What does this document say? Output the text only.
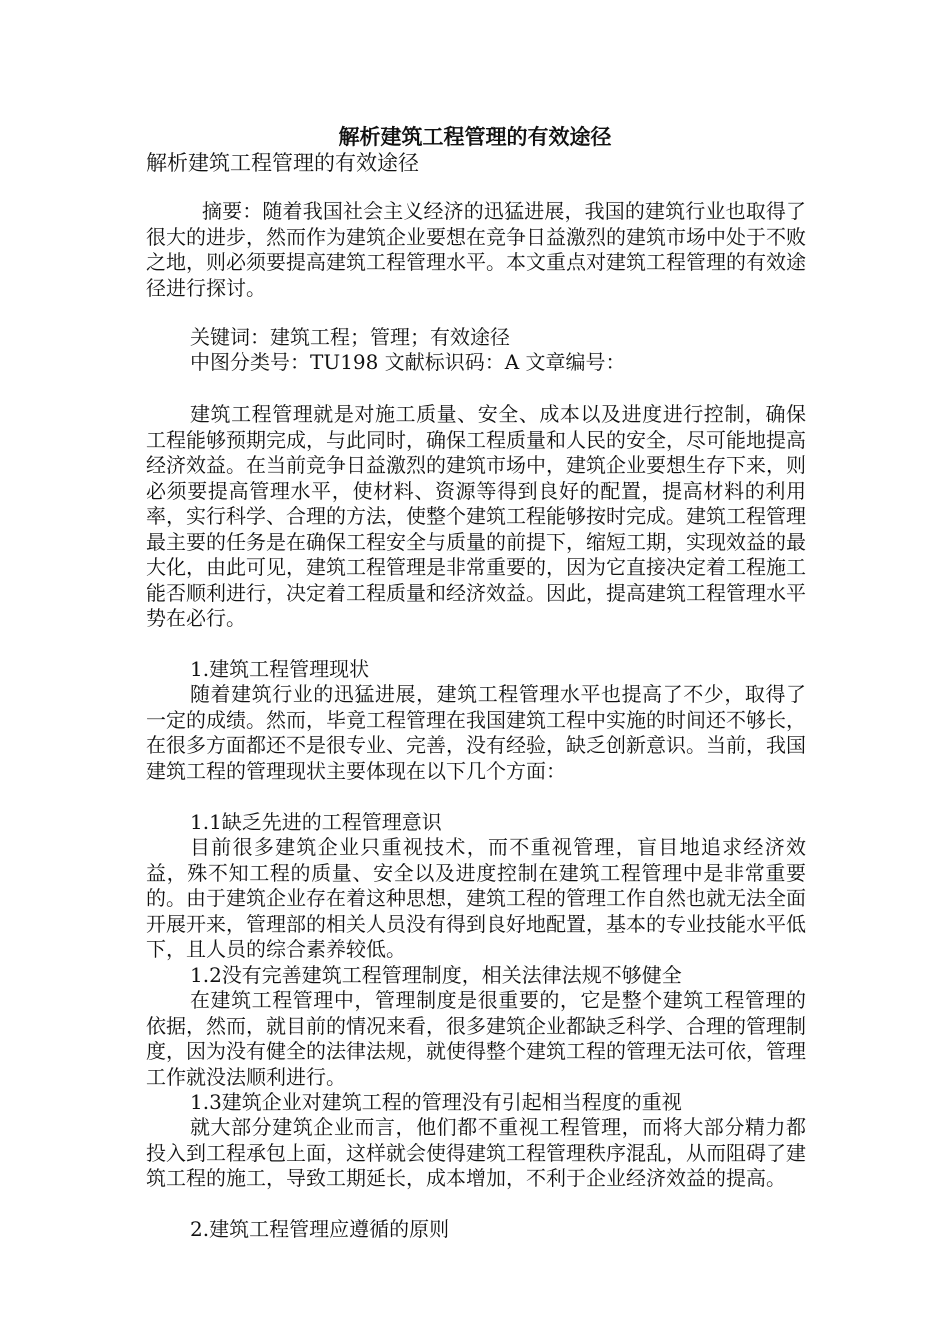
解析建筑工程管理的有效途径
解析建筑工程管理的有效途径

摘要：随着我国社会主义经济的迅猛进展，我国的建筑行业也取得了很大的进步，然而作为建筑企业要想在竞争日益激烈的建筑市场中处于不败之地，则必须要提高建筑工程管理水平。本文重点对建筑工程管理的有效途径进行探讨。

关键词：建筑工程；管理；有效途径
中图分类号：TU198 文献标识码：A 文章编号：

建筑工程管理就是对施工质量、安全、成本以及进度进行控制，确保工程能够预期完成，与此同时，确保工程质量和人民的安全，尽可能地提高经济效益。在当前竞争日益激烈的建筑市场中，建筑企业要想生存下来，则必须要提高管理水平，使材料、资源等得到良好的配置，提高材料的利用率，实行科学、合理的方法，使整个建筑工程能够按时完成。建筑工程管理最主要的任务是在确保工程安全与质量的前提下，缩短工期，实现效益的最大化，由此可见，建筑工程管理是非常重要的，因为它直接决定着工程施工能否顺利进行，决定着工程质量和经济效益。因此，提高建筑工程管理水平势在必行。

1.建筑工程管理现状

随着建筑行业的迅猛进展，建筑工程管理水平也提高了不少，取得了一定的成绩。然而，毕竟工程管理在我国建筑工程中实施的时间还不够长，在很多方面都还不是很专业、完善，没有经验，缺乏创新意识。当前，我国建筑工程的管理现状主要体现在以下几个方面：

1.1缺乏先进的工程管理意识

目前很多建筑企业只重视技术，而不重视管理，盲目地追求经济效益，殊不知工程的质量、安全以及进度控制在建筑工程管理中是非常重要的。由于建筑企业存在着这种思想，建筑工程的管理工作自然也就无法全面开展开来，管理部的相关人员没有得到良好地配置，基本的专业技能水平低下，且人员的综合素养较低。

1.2没有完善建筑工程管理制度，相关法律法规不够健全

在建筑工程管理中，管理制度是很重要的，它是整个建筑工程管理的依据，然而，就目前的情况来看，很多建筑企业都缺乏科学、合理的管理制度，因为没有健全的法律法规，就使得整个建筑工程的管理无法可依，管理工作就没法顺利进行。

1.3建筑企业对建筑工程的管理没有引起相当程度的重视

就大部分建筑企业而言，他们都不重视工程管理，而将大部分精力都投入到工程承包上面，这样就会使得建筑工程管理秩序混乱，从而阻碍了建筑工程的施工，导致工期延长，成本增加，不利于企业经济效益的提高。

2.建筑工程管理应遵循的原则
